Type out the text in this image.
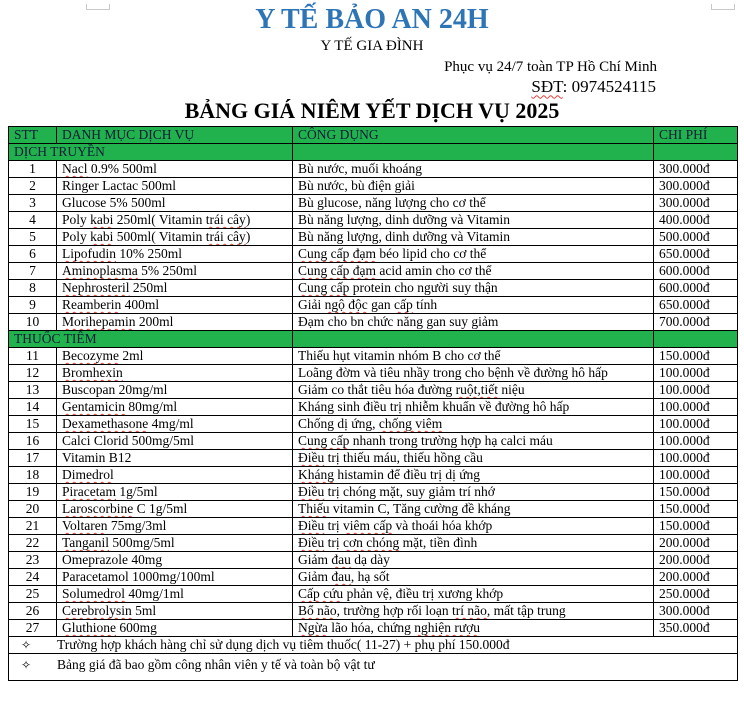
Y TẾ BẢO AN 24H
Y TẾ GIA ĐÌNH
Phục vụ 24/7 toàn TP Hồ Chí Minh
SĐT: 0974524115
BẢNG GIÁ NIÊM YẾT DỊCH VỤ 2025
STT	DANH MỤC DỊCH VỤ	CÔNG DỤNG	CHI PHÍ
DỊCH TRUYỀN			
1	Nacl 0.9% 500ml	Bù nước, muối khoáng	300.000đ
2	Ringer Lactac 500ml	Bù nước, bù điện giải	300.000đ
3	Glucose 5% 500ml	Bù glucose, năng lượng cho cơ thể	300.000đ
4	Poly kabi 250ml( Vitamin trái cây)	Bù năng lượng, dinh dưỡng và Vitamin	400.000đ
5	Poly kabi 500ml( Vitamin trái cây)	Bù năng lượng, dinh dưỡng và Vitamin	500.000đ
6	Lipofudin 10% 250ml	Cung cấp đạm béo lipid cho cơ thể	650.000đ
7	Aminoplasma 5% 250ml	Cung cấp đạm acid amin cho cơ thể	600.000đ
8	Nephrosteril 250ml	Cung cấp protein cho người suy thận	600.000đ
9	Reamberin 400ml	Giải ngộ độc gan cấp tính	650.000đ
10	Morihepamin 200ml	Đạm cho bn chức năng gan suy giảm	700.000đ
THUỐC TIÊM			
11	Becozyme 2ml	Thiếu hụt vitamin nhóm B cho cơ thể	150.000đ
12	Bromhexin	Loãng đờm và tiêu nhầy trong cho bệnh về đường hô hấp	100.000đ
13	Buscopan 20mg/ml	Giảm co thắt tiêu hóa đường ruột,tiết niệu	100.000đ
14	Gentamicin 80mg/ml	Kháng sinh điều trị nhiễm khuẩn về đường hô hấp	100.000đ
15	Dexamethasone 4mg/ml	Chống dị ứng, chống viêm	100.000đ
16	Calci Clorid 500mg/5ml	Cung cấp nhanh trong trường hợp hạ calci máu	100.000đ
17	Vitamin B12	Điều trị thiếu máu, thiếu hồng cầu	100.000đ
18	Dimedrol	Kháng histamin để điều trị dị ứng	100.000đ
19	Piracetam 1g/5ml	Điều trị chóng mặt, suy giảm trí nhớ	150.000đ
20	Laroscorbine C 1g/5ml	Thiếu vitamin C, Tăng cường đề kháng	150.000đ
21	Voltaren 75mg/3ml	Điều trị viêm cấp và thoái hóa khớp	150.000đ
22	Tanganil 500mg/5ml	Điều trị cơn chóng mặt, tiền đình	200.000đ
23	Omeprazole 40mg	Giảm đau dạ dày	200.000đ
24	Paracetamol 1000mg/100ml	Giảm đau, hạ sốt	200.000đ
25	Solumedrol 40mg/1ml	Cấp cứu phản vệ, điều trị xương khớp	250.000đ
26	Cerebrolysin 5ml	Bổ não, trường hợp rối loạn trí não, mất tập trung	300.000đ
27	Gluthione 600mg	Ngừa lão hóa, chứng nghiện rượu	350.000đ
✧ Trường hợp khách hàng chỉ sử dụng dịch vụ tiêm thuốc( 11-27) + phụ phí 150.000đ			
✧ Bảng giá đã bao gồm công nhân viên y tế và toàn bộ vật tư			
